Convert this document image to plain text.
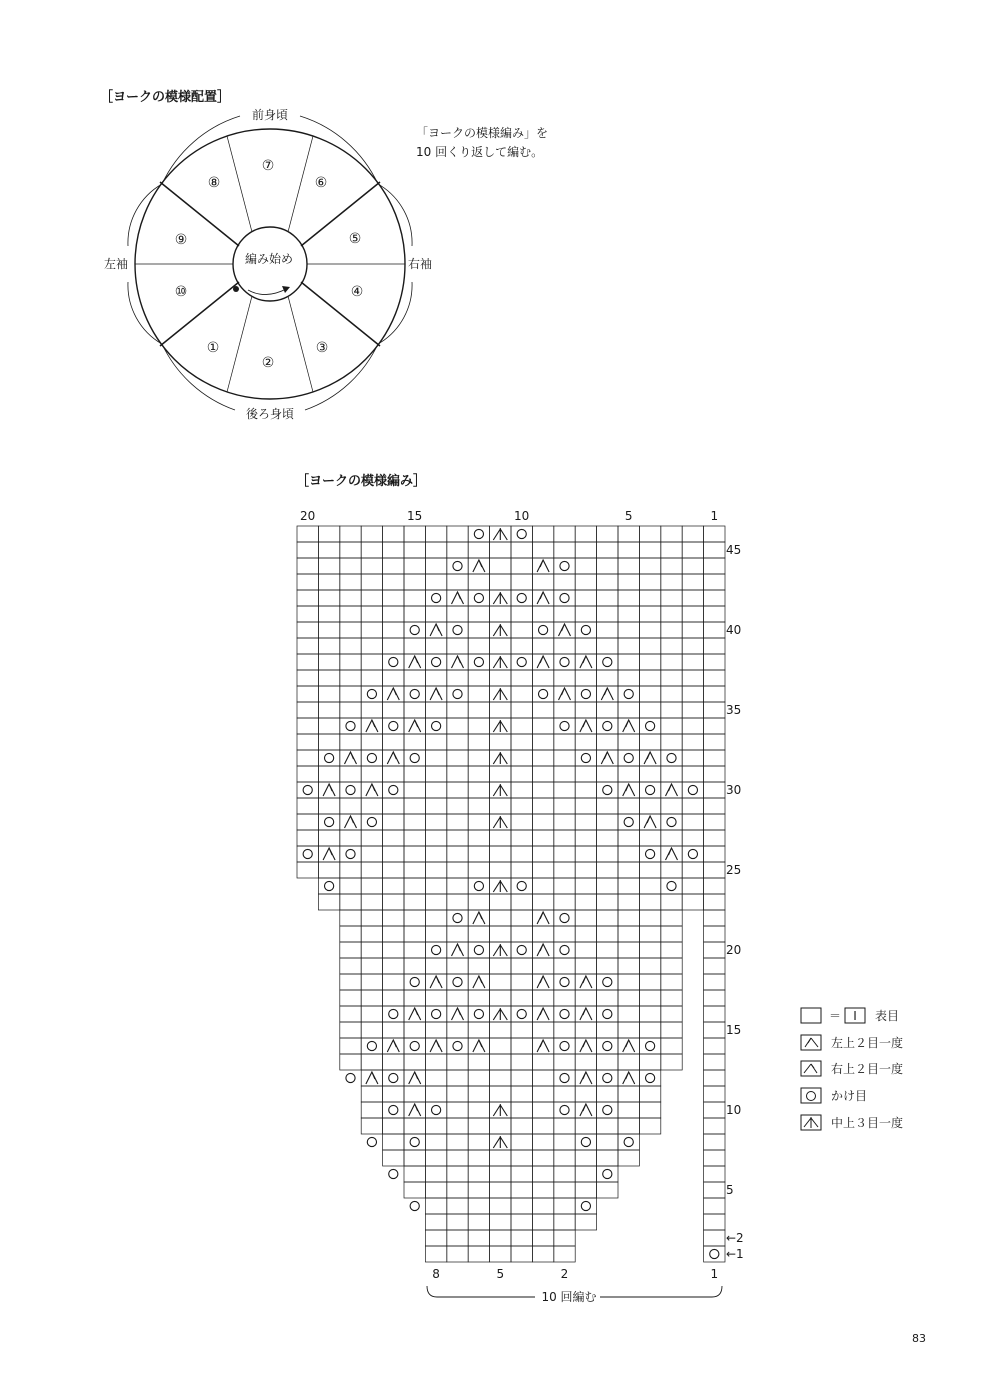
［ヨークの模様配置］
前身頃
後ろ身頃
左袖	右袖
編み始め
①
②
③
④
⑤
⑥
⑦
⑧
⑨
⑩
「ヨークの模様編み」を
10 回くり返して編む。
［ヨークの模様編み］
20	15	10	5	1
45
40
35
30
25
20
15
10
5
←2
←1
8	5	2	1
10 回編む
＝ I 表目
左上２目一度
右上２目一度
かけ目
中上３目一度
83
